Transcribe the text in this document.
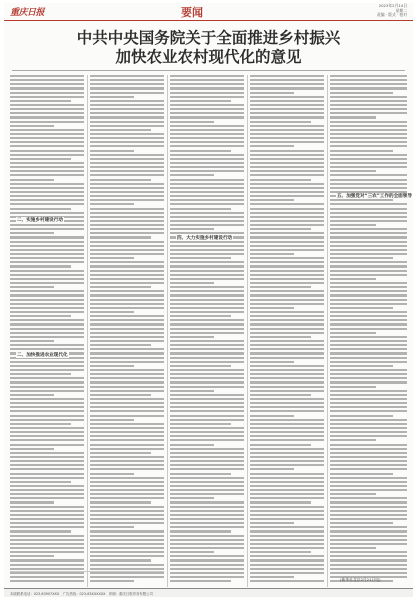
重庆日报	要闻
2023年2月14日
星期二
责编 · 版式 · 校对
中共中央国务院关于全面推进乡村振兴
加快农业农村现代化的意见
二、实施乡村建设行动
二、加快推进农业现代化
四、大力实施乡村建设行动
五、加强党对“三农”工作的全面领导
(新华社北京2月21日电)
本版联系电话：023-63907XXX　广告热线：023-63XXXXXX　印刷：重庆日报印务有限公司
